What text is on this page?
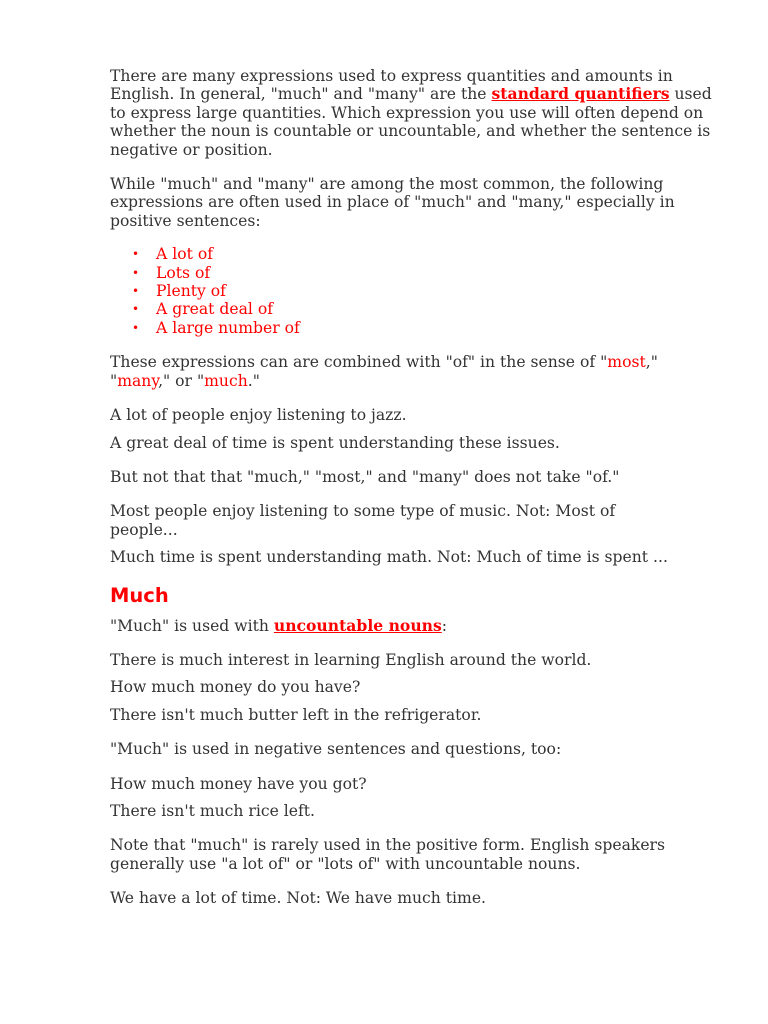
There are many expressions used to express quantities and amounts in English. In general, "much" and "many" are the standard quantifiers used to express large quantities. Which expression you use will often depend on whether the noun is countable or uncountable, and whether the sentence is negative or position.

While "much" and "many" are among the most common, the following expressions are often used in place of "much" and "many," especially in positive sentences:

• A lot of
• Lots of
• Plenty of
• A great deal of
• A large number of

These expressions can are combined with "of" in the sense of "most," "many," or "much."

A lot of people enjoy listening to jazz.

A great deal of time is spent understanding these issues.

But not that that "much," "most," and "many" does not take "of."

Most people enjoy listening to some type of music. Not: Most of people...

Much time is spent understanding math. Not: Much of time is spent ...

Much

"Much" is used with uncountable nouns:

There is much interest in learning English around the world.

How much money do you have?

There isn't much butter left in the refrigerator.

"Much" is used in negative sentences and questions, too:

How much money have you got?

There isn't much rice left.

Note that "much" is rarely used in the positive form. English speakers generally use "a lot of" or "lots of" with uncountable nouns.

We have a lot of time. Not: We have much time.
